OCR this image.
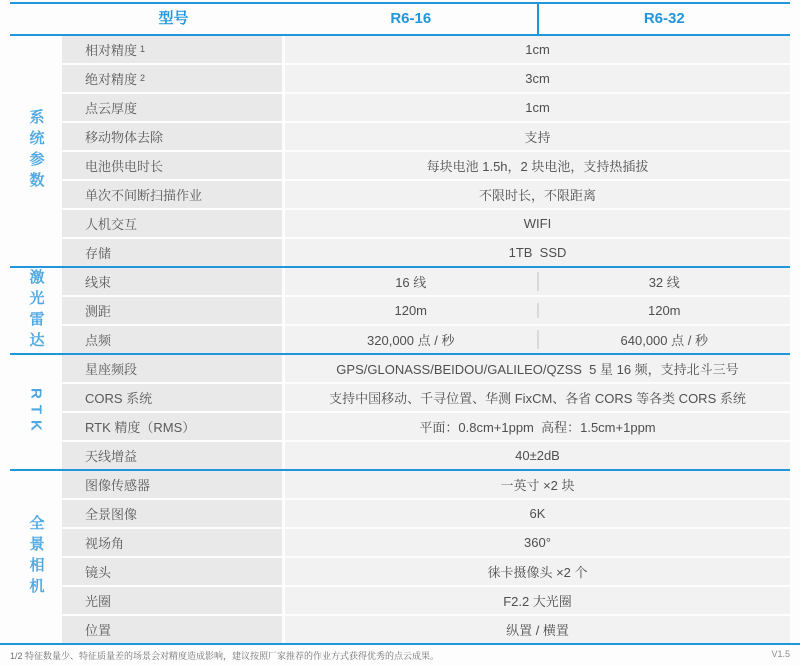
型号	R6-16	R6-32
系统参数
相对精度 $^1$	1cm
绝对精度 $^2$	3cm
点云厚度	1cm
移动物体去除	支持
电池供电时长	每块电池 1.5h，2 块电池，支持热插拔
单次不间断扫描作业	不限时长，不限距离
人机交互	WIFI
存储	1TB  SSD
激光雷达	线束	16 线	32 线
测距	120m	120m
点频	320,000 点 / 秒	640,000 点 / 秒
RTK
星座频段	GPS/GLONASS/BEIDOU/GALILEO/QZSS  5 星 16 频，支持北斗三号
CORS 系统	支持中国移动、千寻位置、华测 FixCM、各省 CORS 等各类 CORS 系统
RTK 精度（RMS）	平面：0.8cm+1ppm  高程：1.5cm+1ppm
天线增益	40±2dB
全景相机
图像传感器	一英寸 ×2 块
全景图像	6K
视场角	360°
镜头	徕卡摄像头 ×2 个
光圈	F2.2 大光圈
位置	纵置 / 横置
1/2 特征数量少、特征质量差的场景会对精度造成影响，建议按照厂家推荐的作业方式获得优秀的点云成果。	V1.5
